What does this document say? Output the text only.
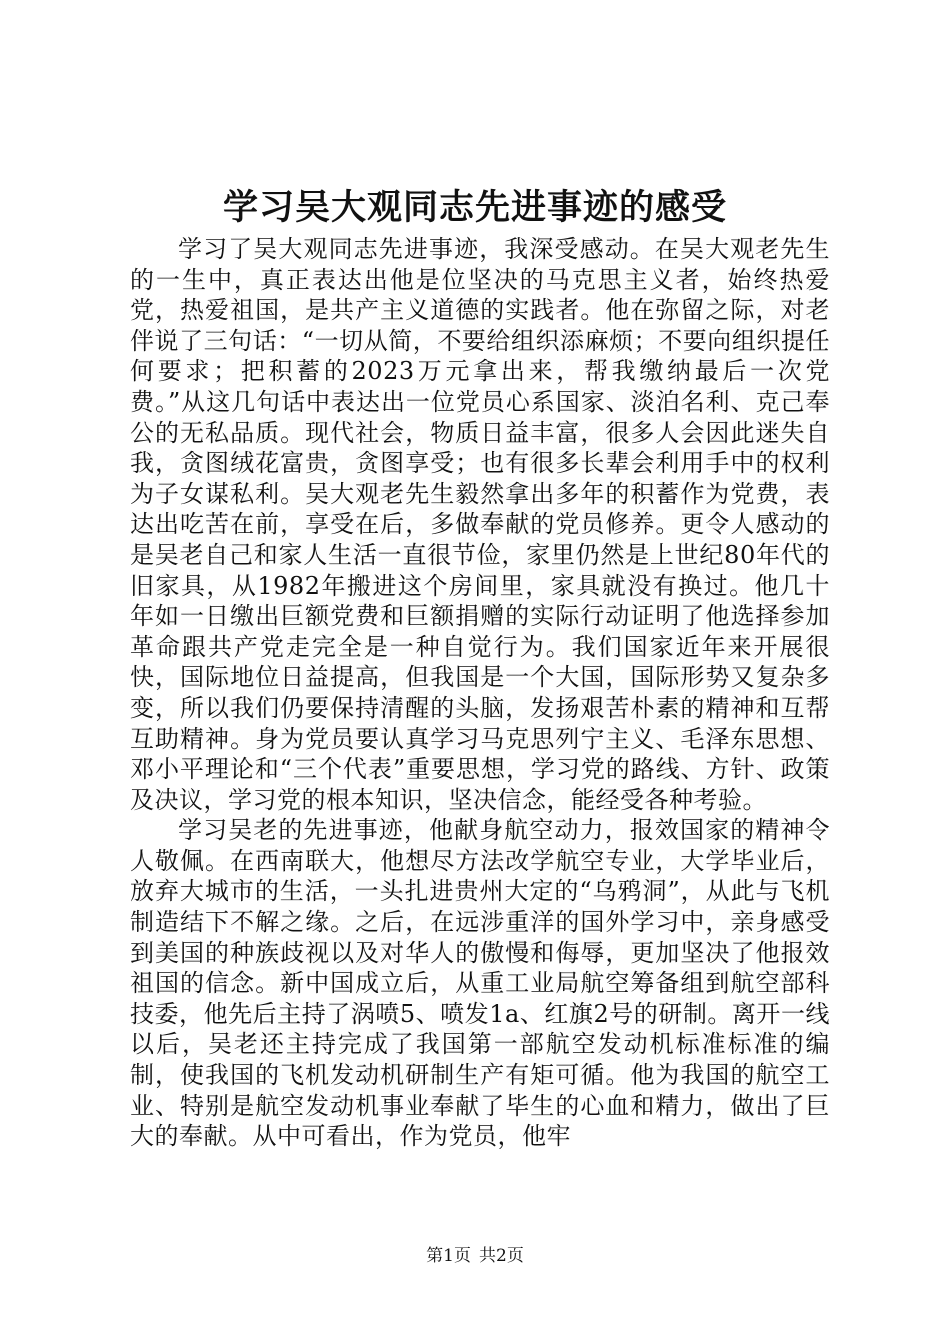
学习吴大观同志先进事迹的感受

学习了吴大观同志先进事迹，我深受感动。在吴大观老先生的一生中，真正表达出他是位坚决的马克思主义者，始终热爱党，热爱祖国，是共产主义道德的实践者。他在弥留之际，对老伴说了三句话：“一切从简，不要给组织添麻烦；不要向组织提任何要求；把积蓄的2023万元拿出来，帮我缴纳最后一次党费。”从这几句话中表达出一位党员心系国家、淡泊名利、克己奉公的无私品质。现代社会，物质日益丰富，很多人会因此迷失自我，贪图绒花富贵，贪图享受；也有很多长辈会利用手中的权利为子女谋私利。吴大观老先生毅然拿出多年的积蓄作为党费，表达出吃苦在前，享受在后，多做奉献的党员修养。更令人感动的是吴老自己和家人生活一直很节俭，家里仍然是上世纪80年代的旧家具，从1982年搬进这个房间里，家具就没有换过。他几十年如一日缴出巨额党费和巨额捐赠的实际行动证明了他选择参加革命跟共产党走完全是一种自觉行为。我们国家近年来开展很快，国际地位日益提高，但我国是一个大国，国际形势又复杂多变，所以我们仍要保持清醒的头脑，发扬艰苦朴素的精神和互帮互助精神。身为党员要认真学习马克思列宁主义、毛泽东思想、邓小平理论和“三个代表”重要思想，学习党的路线、方针、政策及决议，学习党的根本知识，坚决信念，能经受各种考验。

学习吴老的先进事迹，他献身航空动力，报效国家的精神令人敬佩。在西南联大，他想尽方法改学航空专业，大学毕业后，放弃大城市的生活，一头扎进贵州大定的“乌鸦洞”，从此与飞机制造结下不解之缘。之后，在远涉重洋的国外学习中，亲身感受到美国的种族歧视以及对华人的傲慢和侮辱，更加坚决了他报效祖国的信念。新中国成立后，从重工业局航空筹备组到航空部科技委，他先后主持了涡喷5、喷发1a、红旗2号的研制。离开一线以后，吴老还主持完成了我国第一部航空发动机标准标准的编制，使我国的飞机发动机研制生产有矩可循。他为我国的航空工业、特别是航空发动机事业奉献了毕生的心血和精力，做出了巨大的奉献。从中可看出，作为党员，他牢

第1页 共2页
